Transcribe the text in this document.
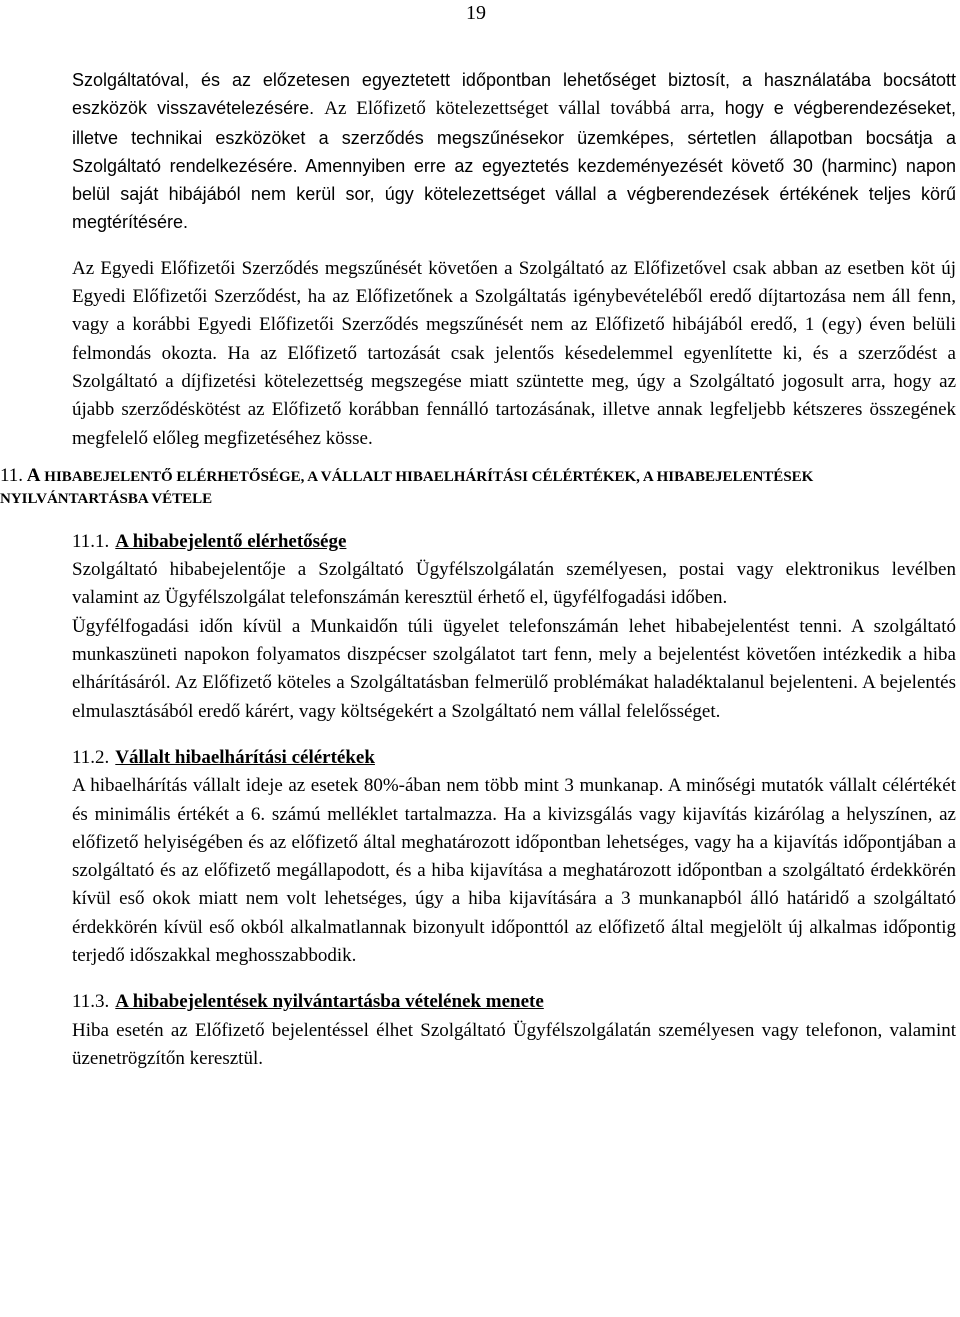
19

Szolgáltatóval, és az előzetesen egyeztetett időpontban lehetőséget biztosít, a használatába bocsátott eszközök visszavételezésére. Az Előfizető kötelezettséget vállal továbbá arra, hogy e végberendezéseket, illetve technikai eszközöket a szerződés megszűnésekor üzemképes, sértetlen állapotban bocsátja a Szolgáltató rendelkezésére. Amennyiben erre az egyeztetés kezdeményezését követő 30 (harminc) napon belül saját hibájából nem kerül sor, úgy kötelezettséget vállal a végberendezések értékének teljes körű megtérítésére.

Az Egyedi Előfizetői Szerződés megszűnését követően a Szolgáltató az Előfizetővel csak abban az esetben köt új Egyedi Előfizetői Szerződést, ha az Előfizetőnek a Szolgáltatás igénybevételéből eredő díjtartozása nem áll fenn, vagy a korábbi Egyedi Előfizetői Szerződés megszűnését nem az Előfizető hibájából eredő, 1 (egy) éven belüli felmondás okozta. Ha az Előfizető tartozását csak jelentős késedelemmel egyenlítette ki, és a szerződést a Szolgáltató a díjfizetési kötelezettség megszegése miatt szüntette meg, úgy a Szolgáltató jogosult arra, hogy az újabb szerződéskötést az Előfizető korábban fennálló tartozásának, illetve annak legfeljebb kétszeres összegének megfelelő előleg megfizetéséhez kösse.

11. A HIBABEJELENTŐ ELÉRHETŐSÉGE, A VÁLLALT HIBAELHÁRÍTÁSI CÉLÉRTÉKEK, A HIBABEJELENTÉSEK NYILVÁNTARTÁSBA VÉTELE
11.1. A hibabejelentő elérhetősége

Szolgáltató hibabejelentője a Szolgáltató Ügyfélszolgálatán személyesen, postai vagy elektronikus levélben valamint az Ügyfélszolgálat telefonszámán keresztül érhető el, ügyfélfogadási időben.

Ügyfélfogadási időn kívül a Munkaidőn túli ügyelet telefonszámán lehet hibabejelentést tenni. A szolgáltató munkaszüneti napokon folyamatos diszpécser szolgálatot tart fenn, mely a bejelentést követően intézkedik a hiba elhárításáról. Az Előfizető köteles a Szolgáltatásban felmerülő problémákat haladéktalanul bejelenteni. A bejelentés elmulasztásából eredő kárért, vagy költségekért a Szolgáltató nem vállal felelősséget.

11.2. Vállalt hibaelhárítási célértékek

A hibaelhárítás vállalt ideje az esetek 80%-ában nem több mint 3 munkanap. A minőségi mutatók vállalt célértékét és minimális értékét a 6. számú melléklet tartalmazza. Ha a kivizsgálás vagy kijavítás kizárólag a helyszínen, az előfizető helyiségében és az előfizető által meghatározott időpontban lehetséges, vagy ha a kijavítás időpontjában a szolgáltató és az előfizető megállapodott, és a hiba kijavítása a meghatározott időpontban a szolgáltató érdekkörén kívül eső okok miatt nem volt lehetséges, úgy a hiba kijavítására a 3 munkanapból álló határidő a szolgáltató érdekkörén kívül eső okból alkalmatlannak bizonyult időponttól az előfizető által megjelölt új alkalmas időpontig terjedő időszakkal meghosszabbodik.

11.3. A hibabejelentések nyilvántartásba vételének menete

Hiba esetén az Előfizető bejelentéssel élhet Szolgáltató Ügyfélszolgálatán személyesen vagy telefonon, valamint üzenetrögzítőn keresztül.
